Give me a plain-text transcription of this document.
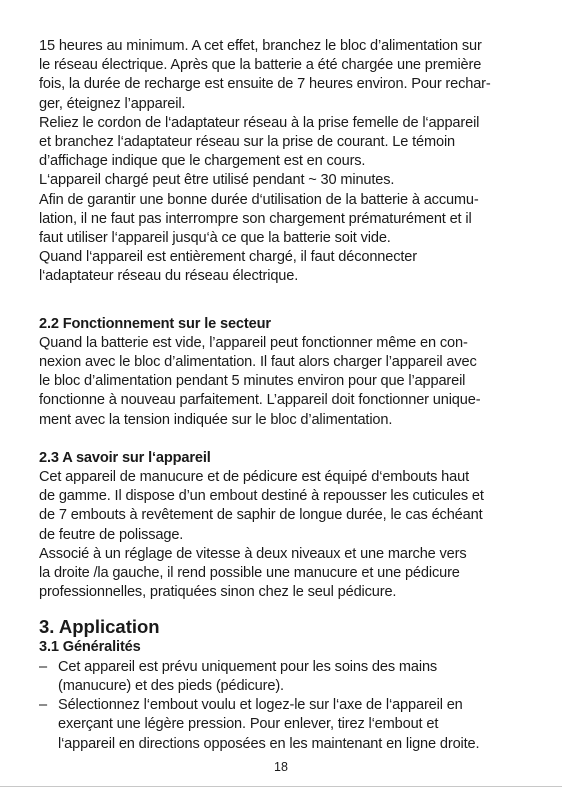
15 heures au minimum. A cet effet, branchez le bloc d’alimentation sur
le réseau électrique. Après que la batterie a été chargée une première
fois, la durée de recharge est ensuite de 7 heures environ. Pour rechar-
ger, éteignez l’appareil.
Reliez le cordon de l‘adaptateur réseau à la prise femelle de l‘appareil
et branchez l‘adaptateur réseau sur la prise de courant. Le témoin
d’affichage indique que le chargement est en cours.
L‘appareil chargé peut être utilisé pendant ~ 30 minutes.
Afin de garantir une bonne durée d‘utilisation de la batterie à accumu-
lation, il ne faut pas interrompre son chargement prématurément et il
faut utiliser l‘appareil jusqu‘à ce que la batterie soit vide.
Quand l‘appareil est entièrement chargé, il faut déconnecter
l‘adaptateur réseau du réseau électrique.
2.2 Fonctionnement sur le secteur
Quand la batterie est vide, l’appareil peut fonctionner même en con-
nexion avec le bloc d’alimentation. Il faut alors charger l’appareil avec
le bloc d’alimentation pendant 5 minutes environ pour que l’appareil
fonctionne à nouveau parfaitement. L’appareil doit fonctionner unique-
ment avec la tension indiquée sur le bloc d’alimentation.
2.3 A savoir sur l‘appareil
Cet appareil de manucure et de pédicure est équipé d‘embouts haut
de gamme. Il dispose d’un embout destiné à repousser les cuticules et
de 7 embouts à revêtement de saphir de longue durée, le cas échéant
de feutre de polissage.
Associé à un réglage de vitesse à deux niveaux et une marche vers
la droite /la gauche, il rend possible une manucure et une pédicure
professionnelles, pratiquées sinon chez le seul pédicure.
3. Application
3.1 Généralités
– Cet appareil est prévu uniquement pour les soins des mains
(manucure) et des pieds (pédicure).
– Sélectionnez l‘embout voulu et logez-le sur l‘axe de l‘appareil en
exerçant une légère pression. Pour enlever, tirez l‘embout et
l‘appareil en directions opposées en les maintenant en ligne droite.
18
